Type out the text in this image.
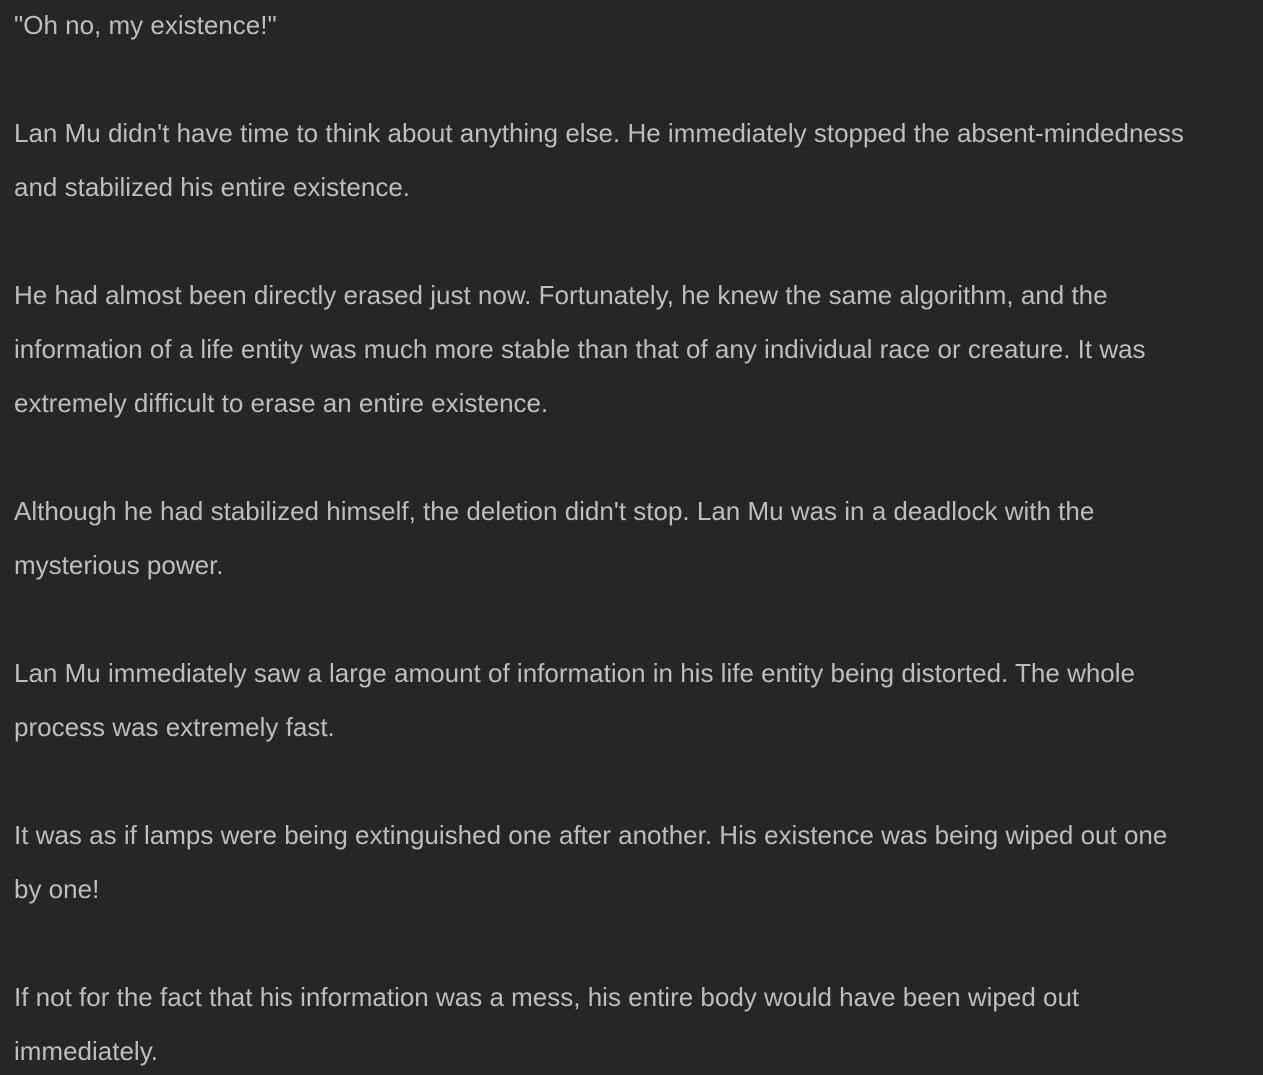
"Oh no, my existence!"

Lan Mu didn't have time to think about anything else. He immediately stopped the absent-mindedness and stabilized his entire existence.

He had almost been directly erased just now. Fortunately, he knew the same algorithm, and the information of a life entity was much more stable than that of any individual race or creature. It was extremely difficult to erase an entire existence.

Although he had stabilized himself, the deletion didn't stop. Lan Mu was in a deadlock with the mysterious power.

Lan Mu immediately saw a large amount of information in his life entity being distorted. The whole process was extremely fast.

It was as if lamps were being extinguished one after another. His existence was being wiped out one by one!

If not for the fact that his information was a mess, his entire body would have been wiped out immediately.
